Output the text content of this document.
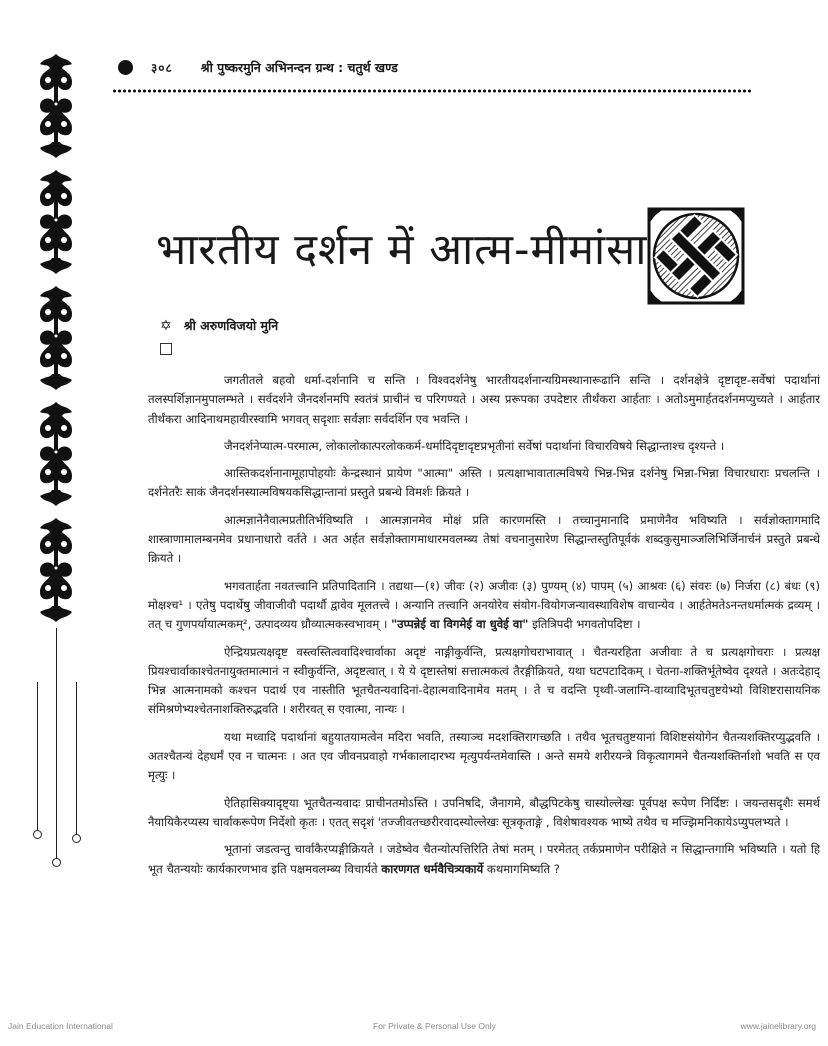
३०८ श्री पुष्करमुनि अभिनन्दन ग्रन्थ : चतुर्थ खण्ड
भारतीय दर्शन में आत्म-मीमांसा
✡ श्री अरुणविजयो मुनि

जगतीतले बहवो धर्मा-दर्शनानि च सन्ति । विश्वदर्शनेषु भारतीयदर्शनान्यग्रिमस्थानारूढानि सन्ति । दर्शनक्षेत्रे दृष्टादृष्ट-सर्वेषां पदार्थानां तलस्पर्शिज्ञानमुपालम्भते । सर्वदर्शने जैनदर्शनमपि स्वतंत्रं प्राचीनं च परिगण्यते । अस्य प्ररूपका उपदेष्टार तीर्थंकरा आर्हताः । अतोऽमुमार्हतदर्शनमप्युच्यते । आर्हतार तीर्थंकरा आदिनाथमहावीरस्वामि भगवत् सदृशाः सर्वज्ञाः सर्वदर्शिन एव भवन्ति ।

जैनदर्शनेप्यात्म-परमात्म, लोकालोकात्परलोककर्म-धर्मादिदृष्टादृष्टप्रभृतीनां सर्वेषां पदार्थानां विचारविषये सिद्धान्ताश्च दृश्यन्ते ।

आस्तिकदर्शनानामूहापोहयोः केन्द्रस्थानं प्रायेण "आत्मा" अस्ति । प्रत्यक्षाभावातात्मविषये भिन्न-भिन्न दर्शनेषु भिन्ना-भिन्ना विचारधाराः प्रचलन्ति । दर्शनेतरैः साकं जैनदर्शनस्यात्मविषयकसिद्धान्तानां प्रस्तुते प्रबन्धे विमर्शः क्रियते ।

आत्मज्ञानेनैवात्मप्रतीतिर्भविष्यति । आत्मज्ञानमेव मोक्षं प्रति कारणमस्ति । तच्चानुमानादि प्रमाणेनैव भविष्यति । सर्वज्ञोक्तागमादि शास्त्राणामालम्बनमेव प्रधानाधारो वर्तते । अत अर्हत सर्वज्ञोक्तागमाधारमवलम्ब्य तेषां वचनानुसारेण सिद्धान्तस्तुतिपूर्वकं शब्दकुसुमाञ्जलिभिर्जिनार्चनं प्रस्तुते प्रबन्धे क्रियते ।

भगवतार्हता नवतत्त्वानि प्रतिपादितानि । तद्यथा—(१) जीवः (२) अजीवः (३) पुण्यम् (४) पापम् (५) आश्रवः (६) संवरः (७) निर्जरा (८) बंधः (९) मोक्षश्च¹ । एतेषु पदार्थेषु जीवाजीवौ पदार्थौ द्वावेव मूलतत्त्वे । अन्यानि तत्त्वानि अनयोरेव संयोग-वियोगजन्यावस्थाविशेष वाचान्येव । आर्हतेमतेऽनन्तधर्मात्मकं द्रव्यम् । तत् च गुणपर्यायात्मकम्², उत्पादव्यय ध्रौव्यात्मकस्वभावम् । "उप्पन्नेई वा विगमेई वा धुवेई वा" इतित्रिपदी भगवतोपदिष्टा ।

ऐन्द्रियप्रत्यक्षदृष्ट वस्त्वस्तित्ववादिश्चार्वाका अदृष्टं नाङ्गीकुर्वन्ति, प्रत्यक्षगोचराभावात् । चैतन्यरहिता अजीवाः ते च प्रत्यक्षगोचराः । प्रत्यक्ष प्रियश्चार्वाकाश्चेतनायुक्तमात्मानं न स्वीकुर्वन्ति, अदृष्टत्वात् । ये ये दृष्टास्तेषां सत्तात्मकत्वं तैरङ्गीक्रियते, यथा घटपटादिकम् । चेतना-शक्तिर्भूतेष्वेव दृश्यते । अतःदेहाद् भिन्न आत्मनामको कश्चन पदार्थ एव नास्तीति भूतचैतन्यवादिनां-देहात्मवादिनामेव मतम् । ते च वदन्ति पृथ्वी-जलाग्नि-वाय्वादिभूतचतुष्टयेभ्यो विशिष्टरासायनिक संमिश्रणेभ्यश्चेतनाशक्तिरुद्भवति । शरीरवत् स एवात्मा, नान्यः ।

यथा मध्वादि पदार्थानां बहुयातयामत्वेन मदिरा भवति, तस्याञ्च मदशक्तिरागच्छति । तथैव भूतचतुष्टयानां विशिष्टसंयोगेन चैतन्यशक्तिरप्युद्भवति । अतश्चैतन्यं देहधर्मं एव न चात्मनः । अत एव जीवनप्रवाहो गर्भकालादारभ्य मृत्युपर्यन्तमेवास्ति । अन्ते समये शरीरयन्त्रे विकृत्यागमने चैतन्यशक्तिर्नाशो भवति स एव मृत्युः ।

ऐतिहासिक्यादृष्ट्या भूतचैतन्यवादः प्राचीनतमोऽस्ति । उपनिषदि, जैनागमे, बौद्धपिटकेषु चास्योल्लेखः पूर्वपक्ष रूपेण निर्दिष्टः । जयन्तसदृशैः समर्थ नैयायिकैरप्यस्य चार्वाकरूपेण निर्देशो कृतः । एतत् सदृशं 'तज्जीवतच्छरीरवादस्योल्लेखः सूत्रकृताङ्गे , विशेषावश्यक भाष्ये तथैव च मज्झिमनिकायेऽप्युपलभ्यते ।

भूतानां जडत्वन्तु चार्वाकैरप्यङ्गीक्रियते । जडेष्वेव चैतन्योत्पत्तिरिति तेषां मतम् । परमेतत् तर्कप्रमाणेन परीक्षिते न सिद्धान्तगामि भविष्यति । यतो हि भूत चैतन्ययोः कार्यकारणभाव इति पक्षमवलम्ब्य विचार्यते कारणगत धर्मवैचित्र्यकार्ये कथमागमिष्यति ?

Jain Education International	For Private & Personal Use Only	www.jainelibrary.org
